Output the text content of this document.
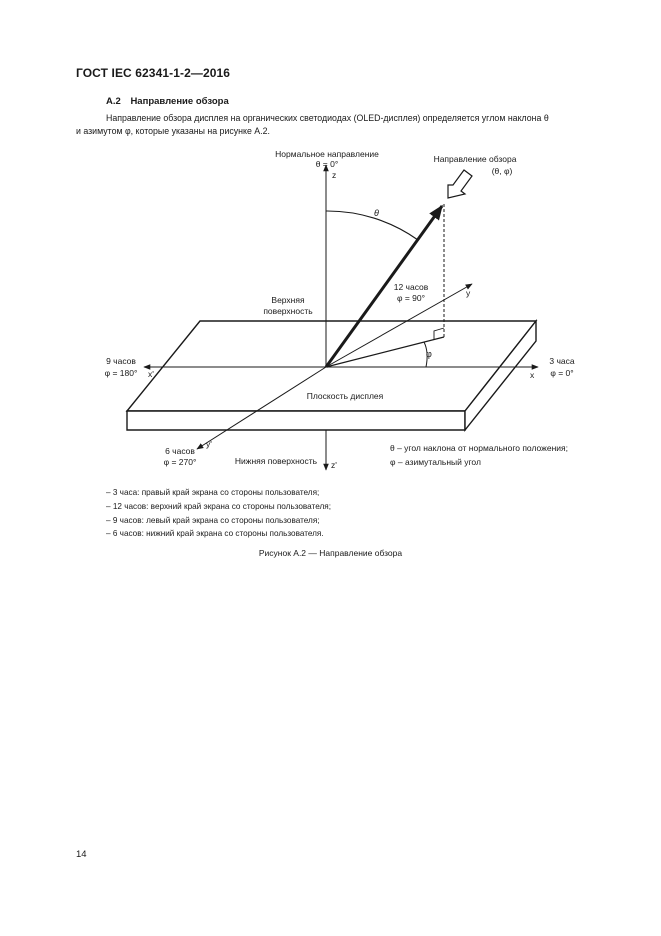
ГОСТ IEC 62341-1-2—2016
А.2 Направление обзора
Направление обзора дисплея на органических светодиодах (OLED-дисплея) определяется углом наклона θ
и азимутом φ, которые указаны на рисунке А.2.
Нормальное направление
θ = 0°
z
Направление обзора
(θ, φ)
θ
12 часов
φ = 90°	y
Верхняя
поверхность
φ
9 часов
φ = 180° x'
3 часа
φ = 0°
x
Плоскость дисплея
y'
6 часов
φ = 270°	Нижняя поверхность z'
θ – угол наклона от нормального положения;
φ – азимутальный угол
– 3 часа: правый край экрана со стороны пользователя;
– 12 часов: верхний край экрана со стороны пользователя;
– 9 часов: левый край экрана со стороны пользователя;
– 6 часов: нижний край экрана со стороны пользователя.
Рисунок А.2 — Направление обзора
14
